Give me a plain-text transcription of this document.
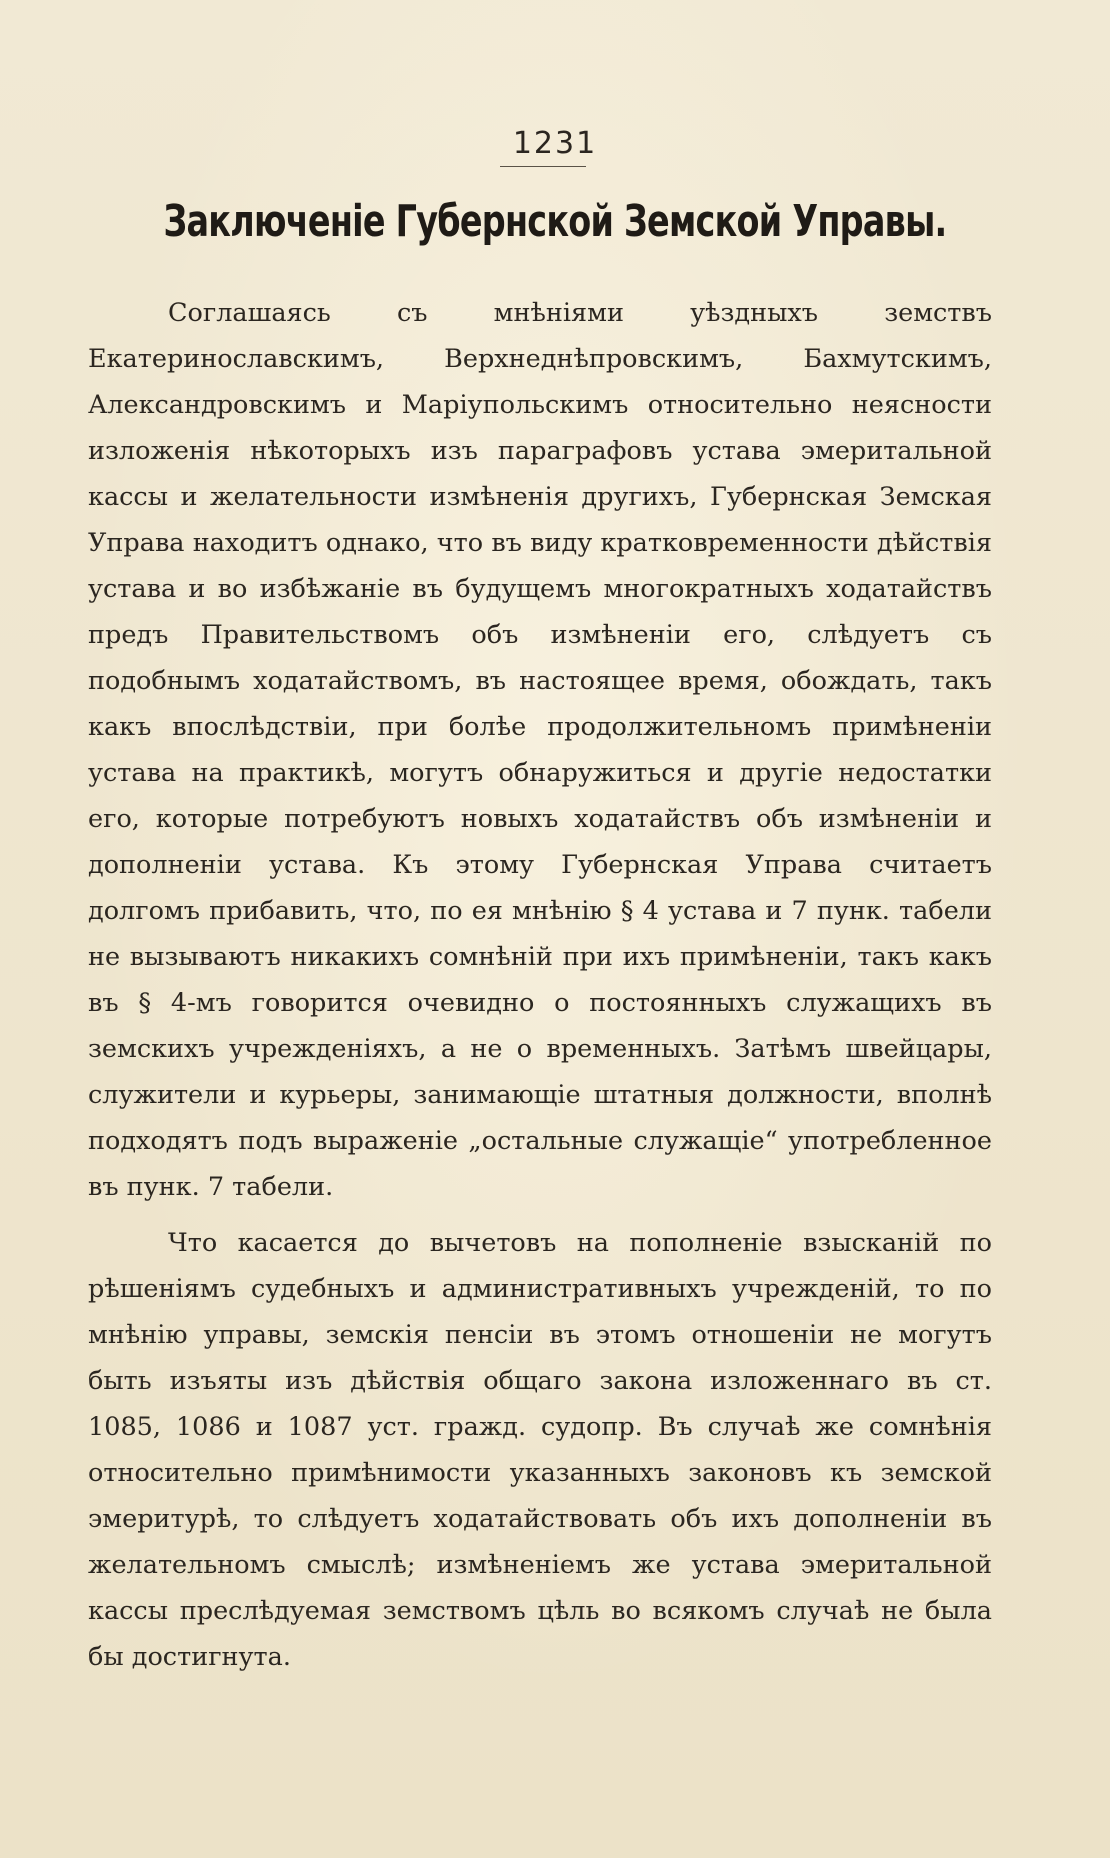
1231
Заключеніе Губернской Земской Управы.

Соглашаясь съ мнѣніями уѣздныхъ земствъ Екатеринославскимъ, Верхнеднѣпровскимъ, Бахмутскимъ, Александровскимъ и Маріупольскимъ относительно неясности изложенія нѣкоторыхъ изъ параграфовъ устава эмеритальной кассы и желательности измѣненія другихъ, Губернская Земская Управа находитъ однако, что въ виду кратковременности дѣйствія устава и во избѣжаніе въ будущемъ многократныхъ ходатайствъ предъ Правительствомъ объ измѣненіи его, слѣдуетъ съ подобнымъ ходатайствомъ, въ настоящее время, обождать, такъ какъ впослѣдствіи, при болѣе продолжительномъ примѣненіи устава на практикѣ, могутъ обнаружиться и другіе недостатки его, которые потребуютъ новыхъ ходатайствъ объ измѣненіи и дополненіи устава. Къ этому Губернская Управа считаетъ долгомъ прибавить, что, по ея мнѣнію § 4 устава и 7 пунк. табели не вызываютъ никакихъ сомнѣній при ихъ примѣненіи, такъ какъ въ § 4-мъ говорится очевидно о постоянныхъ служащихъ въ земскихъ учрежденіяхъ, а не о временныхъ. Затѣмъ швейцары, служители и курьеры, занимающіе штатныя должности, вполнѣ подходятъ подъ выраженіе „остальные служащіе“ употребленное въ пунк. 7 табели.

Что касается до вычетовъ на пополненіе взысканій по рѣшеніямъ судебныхъ и административныхъ учрежденій, то по мнѣнію управы, земскія пенсіи въ этомъ отношеніи не могутъ быть изъяты изъ дѣйствія общаго закона изложеннаго въ ст. 1085, 1086 и 1087 уст. гражд. судопр. Въ случаѣ же сомнѣнія относительно примѣнимости указанныхъ законовъ къ земской эмеритурѣ, то слѣдуетъ ходатайствовать объ ихъ дополненіи въ желательномъ смыслѣ; измѣненіемъ же устава эмеритальной кассы преслѣдуемая земствомъ цѣль во всякомъ случаѣ не была бы достигнута.
